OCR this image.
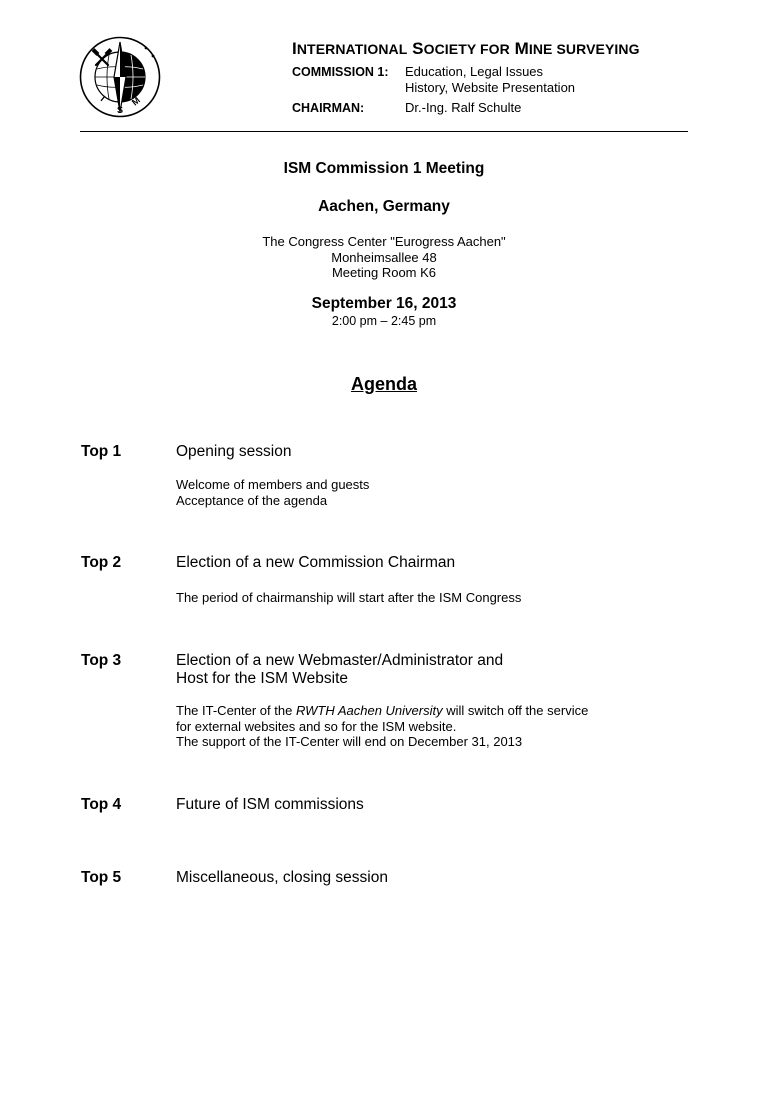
I
S
M
INTERNATIONAL SOCIETY FOR MINE SURVEYING
COMMISSION 1: Education, Legal Issues
History, Website Presentation
CHAIRMAN:	Dr.-Ing. Ralf Schulte
ISM Commission 1 Meeting
Aachen, Germany
The Congress Center "Eurogress Aachen"
Monheimsallee 48
Meeting Room K6
September 16, 2013
2:00 pm – 2:45 pm
Agenda
Top 1	Opening session
Welcome of members and guests
Acceptance of the agenda
Top 2	Election of a new Commission Chairman
The period of chairmanship will start after the ISM Congress
Top 3	Election of a new Webmaster/Administrator and
Host for the ISM Website
The IT-Center of the RWTH Aachen University will switch off the service
for external websites and so for the ISM website.
The support of the IT-Center will end on December 31, 2013
Top 4	Future of ISM commissions
Top 5	Miscellaneous, closing session
